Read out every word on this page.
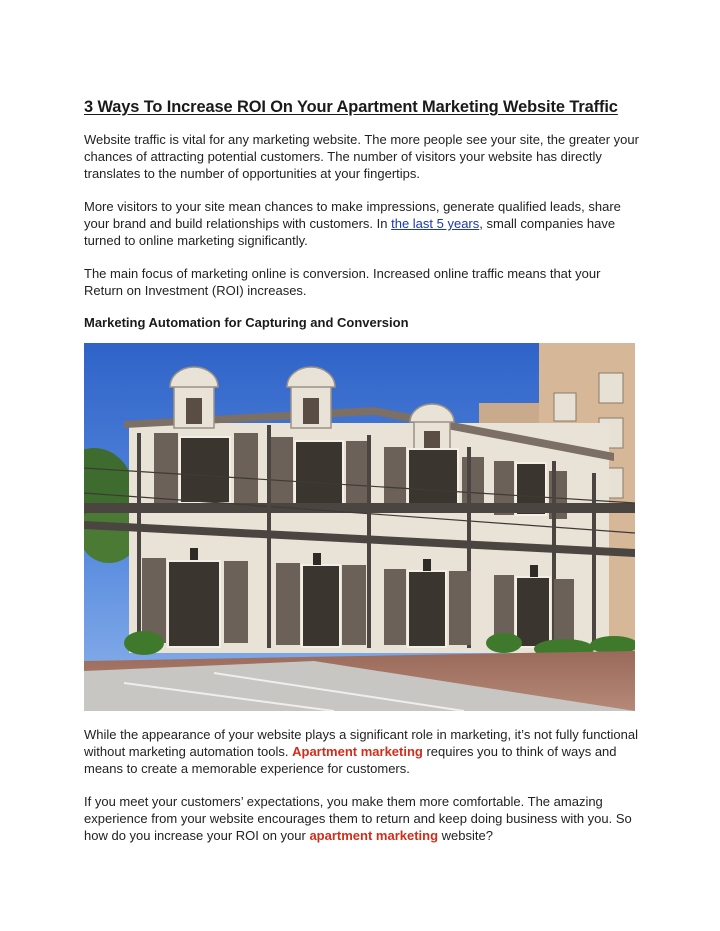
3 Ways To Increase ROI On Your Apartment Marketing Website Traffic

Website traffic is vital for any marketing website. The more people see your site, the greater your chances of attracting potential customers. The number of visitors your website has directly translates to the number of opportunities at your fingertips.

More visitors to your site mean chances to make impressions, generate qualified leads, share your brand and build relationships with customers. In the last 5 years, small companies have turned to online marketing significantly.

The main focus of marketing online is conversion. Increased online traffic means that your Return on Investment (ROI) increases.

Marketing Automation for Capturing and Conversion

While the appearance of your website plays a significant role in marketing, it’s not fully functional without marketing automation tools. Apartment marketing requires you to think of ways and means to create a memorable experience for customers.

If you meet your customers’ expectations, you make them more comfortable. The amazing experience from your website encourages them to return and keep doing business with you. So how do you increase your ROI on your apartment marketing website?
